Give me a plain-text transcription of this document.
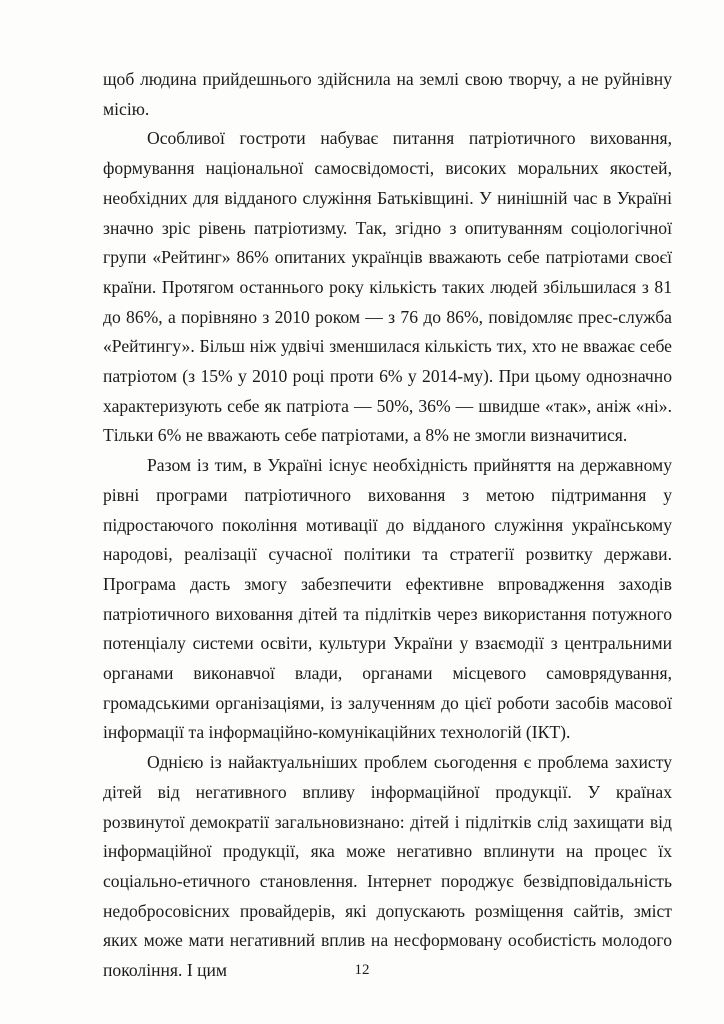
щоб людина прийдешнього здійснила на землі свою творчу, а не руйнівну місію.

Особливої гостроти набуває питання патріотичного виховання, формування національної самосвідомості, високих моральних якостей, необхідних для відданого служіння Батьківщині. У нинішній час в Україні значно зріс рівень патріотизму. Так, згідно з опитуванням соціологічної групи «Рейтинг» 86% опитаних українців вважають себе патріотами своєї країни. Протягом останнього року кількість таких людей збільшилася з 81 до 86%, а порівняно з 2010 роком — з 76 до 86%, повідомляє прес-служба «Рейтингу». Більш ніж удвічі зменшилася кількість тих, хто не вважає себе патріотом (з 15% у 2010 році проти 6% у 2014-му). При цьому однозначно характеризують себе як патріота — 50%, 36% — швидше «так», аніж «ні». Тільки 6% не вважають себе патріотами, а 8% не змогли визначитися.

Разом із тим, в Україні існує необхідність прийняття на державному рівні програми патріотичного виховання з метою підтримання у підростаючого покоління мотивації до відданого служіння українському народові, реалізації сучасної політики та стратегії розвитку держави. Програма дасть змогу забезпечити ефективне впровадження заходів патріотичного виховання дітей та підлітків через використання потужного потенціалу системи освіти, культури України у взаємодії з центральними органами виконавчої влади, органами місцевого самоврядування, громадськими організаціями, із залученням до цієї роботи засобів масової інформації та інформаційно-комунікаційних технологій (ІКТ).

Однією із найактуальніших проблем сьогодення є проблема захисту дітей від негативного впливу інформаційної продукції. У країнах розвинутої демократії загальновизнано: дітей і підлітків слід захищати від інформаційної продукції, яка може негативно вплинути на процес їх соціально-етичного становлення. Інтернет породжує безвідповідальність недобросовісних провайдерів, які допускають розміщення сайтів, зміст яких може мати негативний вплив на несформовану особистість молодого покоління. І цим	12
